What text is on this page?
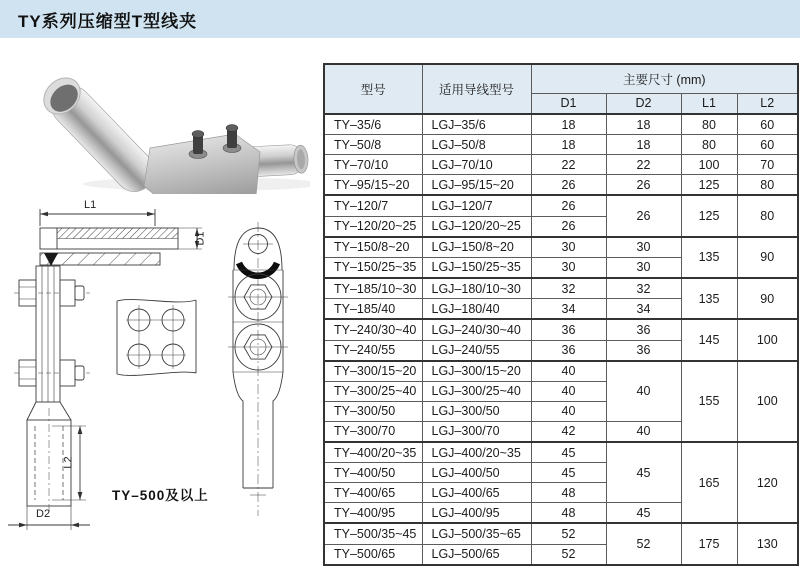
TY系列压缩型T型线夹
L1
D1
L2
D2
TY–500及以上
型号	适用导线型号	主要尺寸 (mm)			
		D1	D2	L1	L2
TY–35/6	LGJ–35/6	18	18	80	60
TY–50/8	LGJ–50/8	18	18	80	60
TY–70/10	LGJ–70/10	22	22	100	70
TY–95/15~20	LGJ–95/15~20	26	26	125	80
TY–120/7	LGJ–120/7	26	26	125	80
TY–120/20~25	LGJ–120/20~25	26			
TY–150/8~20	LGJ–150/8~20	30	30	135	90
TY–150/25~35	LGJ–150/25~35	30	30		
TY–185/10~30	LGJ–180/10~30	32	32	135	90
TY–185/40	LGJ–180/40	34	34		
TY–240/30~40	LGJ–240/30~40	36	36	145	100
TY–240/55	LGJ–240/55	36	36		
TY–300/15~20	LGJ–300/15~20	40	40	155	100
TY–300/25~40	LGJ–300/25~40	40			
TY–300/50	LGJ–300/50	40			
TY–300/70	LGJ–300/70	42	40		
TY–400/20~35	LGJ–400/20~35	45	45	165	120
TY–400/50	LGJ–400/50	45			
TY–400/65	LGJ–400/65	48			
TY–400/95	LGJ–400/95	48	45		
TY–500/35~45	LGJ–500/35~65	52	52	175	130
TY–500/65	LGJ–500/65	52			
